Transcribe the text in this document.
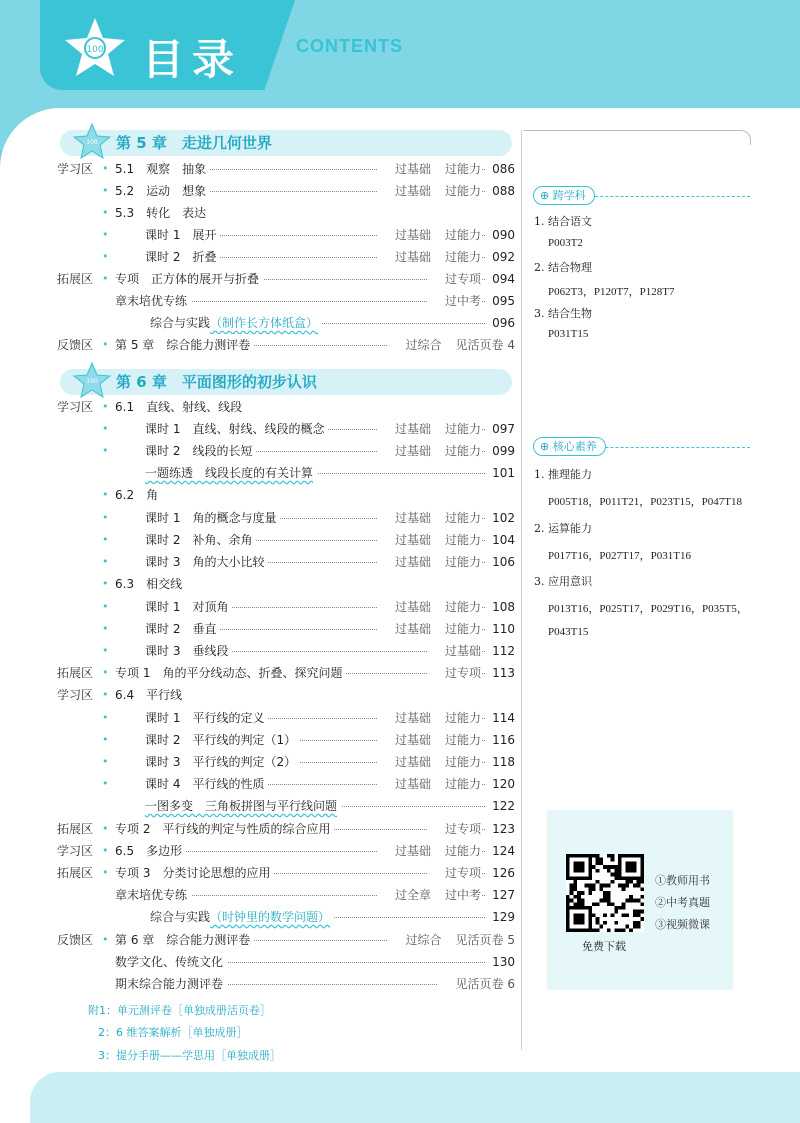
100 目录	CONTENTS
学习区 • 5.1　观察　抽象	过基础 过能力 086
• 5.2　运动　想象	过基础 过能力 088
• 5.3　转化　表达
•	课时 1　展开	过基础 过能力 090
•	课时 2　折叠	过基础 过能力 092
拓展区 • 专项　正方体的展开与折叠	过专项 094
章末培优专练	过中考 095
综合与实践（制作长方体纸盒）	096
反馈区 • 第 5 章　综合能力测评卷	过综合 见活页卷 4
学习区 • 6.1　直线、射线、线段
•	课时 1　直线、射线、线段的概念	过基础 过能力 097
•	课时 2　线段的长短	过基础 过能力 099
一题练透　线段长度的有关计算	101
• 6.2　角
•	课时 1　角的概念与度量	过基础 过能力 102
•	课时 2　补角、余角	过基础 过能力 104
•	课时 3　角的大小比较	过基础 过能力 106
• 6.3　相交线
•	课时 1　对顶角	过基础 过能力 108
•	课时 2　垂直	过基础 过能力 110
•	课时 3　垂线段	过基础 112
拓展区 • 专项 1　角的平分线动态、折叠、探究问题	过专项 113
学习区 • 6.4　平行线
•	课时 1　平行线的定义	过基础 过能力 114
•	课时 2　平行线的判定（1）	过基础 过能力 116
•	课时 3　平行线的判定（2）	过基础 过能力 118
•	课时 4　平行线的性质	过基础 过能力 120
一图多变　三角板拼图与平行线问题	122
拓展区 • 专项 2　平行线的判定与性质的综合应用	过专项 123
学习区 • 6.5　多边形	过基础 过能力 124
拓展区 • 专项 3　分类讨论思想的应用	过专项 126
章末培优专练	过全章 过中考 127
综合与实践（时钟里的数学问题）	129
反馈区 • 第 6 章　综合能力测评卷	过综合 见活页卷 5
数学文化、传统文化	130
期末综合能力测评卷	见活页卷 6
100 第 5 章　走进几何世界
100 第 6 章　平面图形的初步认识
附1：单元测评卷［单独成册活页卷］
2：6 维答案解析［单独成册］
3：提分手册——学思用［单独成册］
⊕ 跨学科
1. 结合语文
P003T2
2. 结合物理
P062T3，P120T7，P128T7
3. 结合生物
P031T15
⊕ 核心素养
1. 推理能力
P005T18，P011T21，P023T15，P047T18
2. 运算能力
P017T16，P027T17，P031T16
3. 应用意识
P013T16，P025T17，P029T16，P035T5，
P043T15
①教师用书
②中考真题
③视频微课
免费下载
